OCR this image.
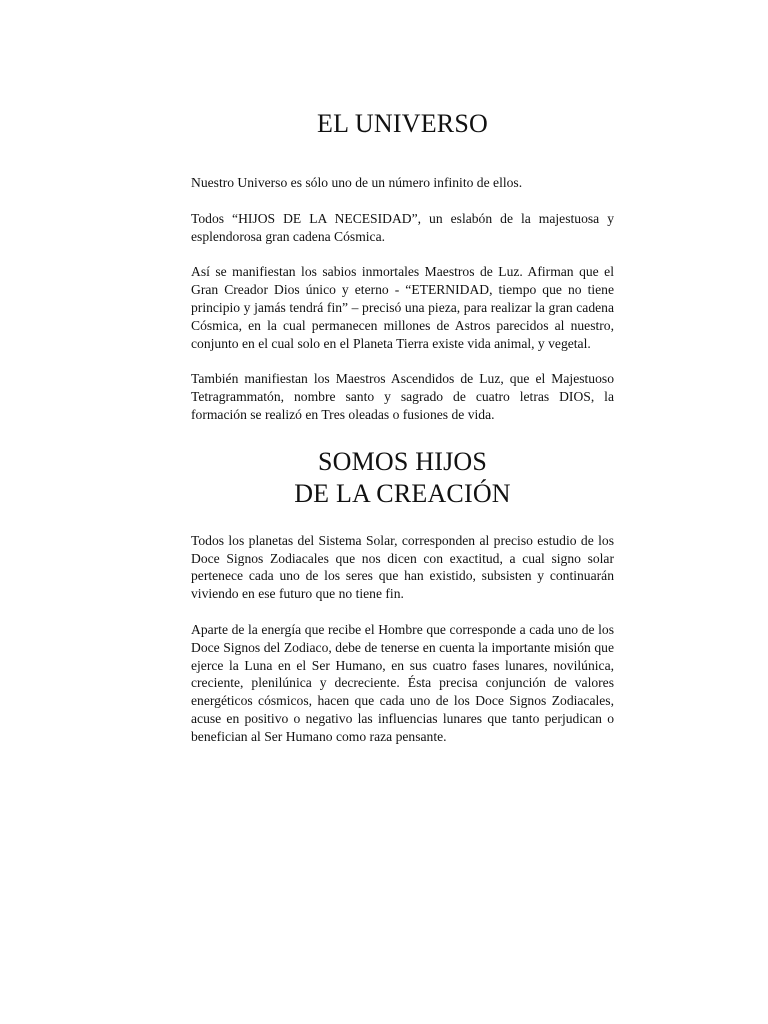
EL UNIVERSO

Nuestro Universo es sólo uno de un número infinito de ellos.

Todos “HIJOS DE LA NECESIDAD”, un eslabón de la majestuosa y esplendorosa gran cadena Cósmica.

Así se manifiestan los sabios inmortales Maestros de Luz. Afirman que el Gran Creador Dios único y eterno - “ETERNIDAD, tiempo que no tiene principio y jamás tendrá fin” – precisó una pieza, para realizar la gran cadena Cósmica, en la cual permanecen millones de Astros parecidos al nuestro, conjunto en el cual solo en el Planeta Tierra existe vida animal, y vegetal.

También manifiestan los Maestros Ascendidos de Luz, que el Majestuoso Tetragrammatón, nombre santo y sagrado de cuatro letras DIOS, la formación se realizó en Tres oleadas o fusiones de vida.

SOMOS HIJOS
DE LA CREACIÓN

Todos los planetas del Sistema Solar, corresponden al preciso estudio de los Doce Signos Zodiacales que nos dicen con exactitud, a cual signo solar pertenece cada uno de los seres que han existido, subsisten y continuarán viviendo en ese futuro que no tiene fin.

Aparte de la energía que recibe el Hombre que corresponde a cada uno de los Doce Signos del Zodiaco, debe de tenerse en cuenta la importante misión que ejerce la Luna en el Ser Humano, en sus cuatro fases lunares, novilúnica, creciente, plenilúnica y decreciente. Ésta precisa conjunción de valores energéticos cósmicos, hacen que cada uno de los Doce Signos Zodiacales, acuse en positivo o negativo las influencias lunares que tanto perjudican o benefician al Ser Humano como raza pensante.
